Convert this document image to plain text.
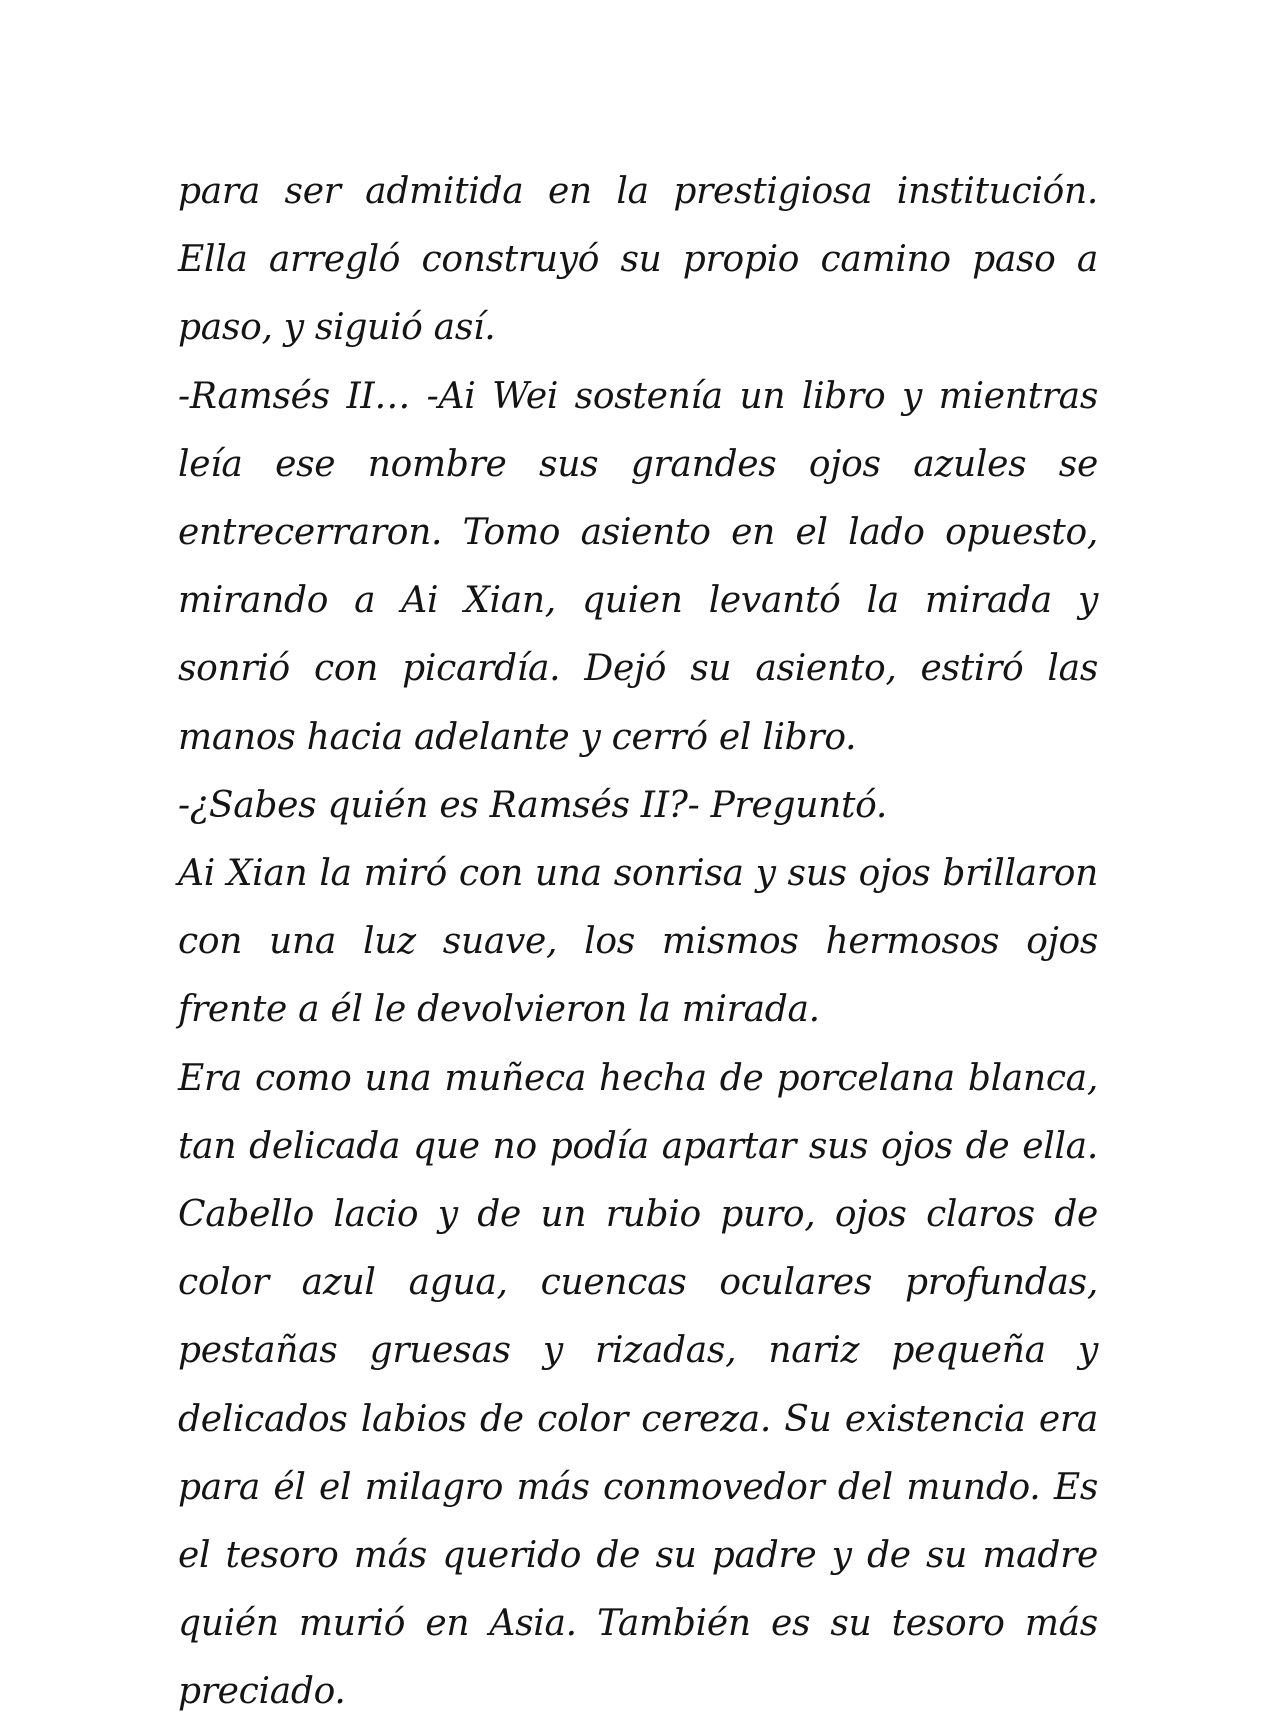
para ser admitida en la prestigiosa institución. Ella arregló construyó su propio camino paso a paso, y siguió así.

-Ramsés II… -Ai Wei sostenía un libro y mientras leía ese nombre sus grandes ojos azules se entrecerraron. Tomo asiento en el lado opuesto, mirando a Ai Xian, quien levantó la mirada y sonrió con picardía. Dejó su asiento, estiró las manos hacia adelante y cerró el libro.

-¿Sabes quién es Ramsés II?- Preguntó.

Ai Xian la miró con una sonrisa y sus ojos brillaron con una luz suave, los mismos hermosos ojos frente a él le devolvieron la mirada.

Era como una muñeca hecha de porcelana blanca, tan delicada que no podía apartar sus ojos de ella. Cabello lacio y de un rubio puro, ojos claros de color azul agua, cuencas oculares profundas, pestañas gruesas y rizadas, nariz pequeña y delicados labios de color cereza. Su existencia era para él el milagro más conmovedor del mundo. Es el tesoro más querido de su padre y de su madre quién murió en Asia. También es su tesoro más preciado.
